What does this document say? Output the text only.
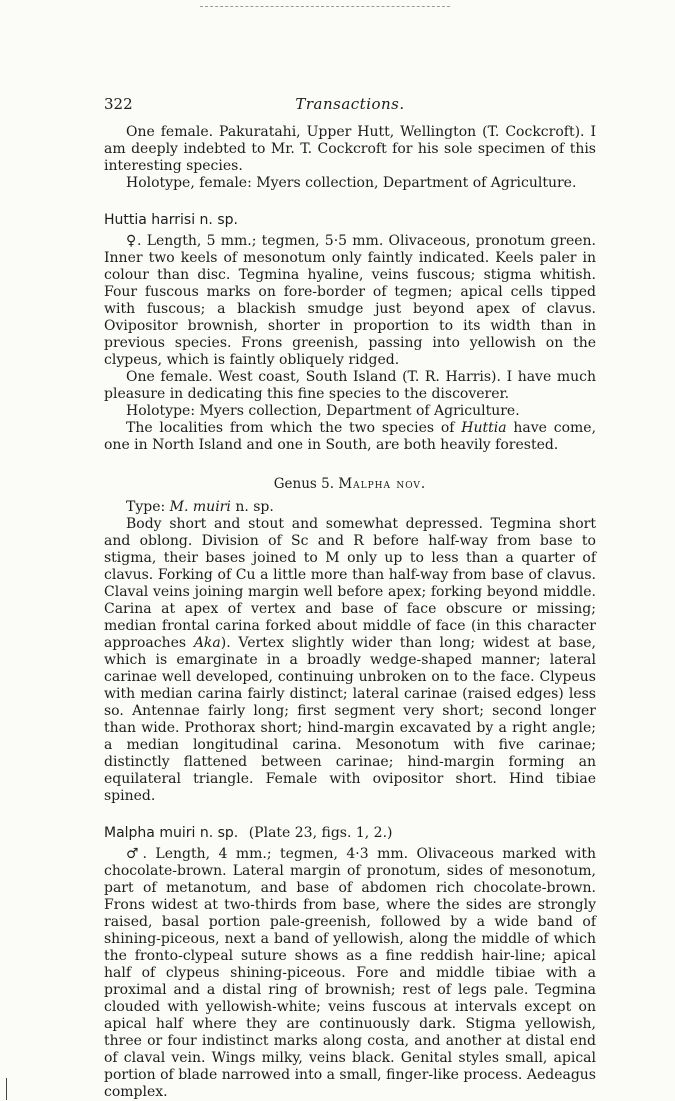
322	Transactions.

One female. Pakuratahi, Upper Hutt, Wellington (T. Cockcroft). I am deeply indebted to Mr. T. Cockcroft for his sole specimen of this interesting species.

Holotype, female: Myers collection, Department of Agriculture.

Huttia harrisi n. sp.

♀. Length, 5 mm.; tegmen, 5·5 mm. Olivaceous, pronotum green. Inner two keels of mesonotum only faintly indicated. Keels paler in colour than disc. Tegmina hyaline, veins fuscous; stigma whitish. Four fuscous marks on fore-border of tegmen; apical cells tipped with fuscous; a blackish smudge just beyond apex of clavus. Ovipositor brownish, shorter in proportion to its width than in previous species. Frons greenish, passing into yellowish on the clypeus, which is faintly obliquely ridged.

One female. West coast, South Island (T. R. Harris). I have much pleasure in dedicating this fine species to the discoverer.

Holotype: Myers collection, Department of Agriculture.

The localities from which the two species of Huttia have come, one in North Island and one in South, are both heavily forested.

Genus 5. Malpha nov.

Type: M. muiri n. sp.

Body short and stout and somewhat depressed. Tegmina short and oblong. Division of Sc and R before half-way from base to stigma, their bases joined to M only up to less than a quarter of clavus. Forking of Cu a little more than half-way from base of clavus. Claval veins joining margin well before apex; forking beyond middle. Carina at apex of vertex and base of face obscure or missing; median frontal carina forked about middle of face (in this character approaches Aka). Vertex slightly wider than long; widest at base, which is emarginate in a broadly wedge-shaped manner; lateral carinae well developed, continuing unbroken on to the face. Clypeus with median carina fairly distinct; lateral carinae (raised edges) less so. Antennae fairly long; first segment very short; second longer than wide. Prothorax short; hind-margin excavated by a right angle; a median longitudinal carina. Mesonotum with five carinae; distinctly flattened between carinae; hind-margin forming an equilateral triangle. Female with ovipositor short. Hind tibiae spined.

Malpha muiri n. sp. (Plate 23, figs. 1, 2.)

♂. Length, 4 mm.; tegmen, 4·3 mm. Olivaceous marked with chocolate-brown. Lateral margin of pronotum, sides of mesonotum, part of metanotum, and base of abdomen rich chocolate-brown. Frons widest at two-thirds from base, where the sides are strongly raised, basal portion pale-greenish, followed by a wide band of shining-piceous, next a band of yellowish, along the middle of which the fronto-clypeal suture shows as a fine reddish hair-line; apical half of clypeus shining-piceous. Fore and middle tibiae with a proximal and a distal ring of brownish; rest of legs pale. Tegmina clouded with yellowish-white; veins fuscous at intervals except on apical half where they are continuously dark. Stigma yellowish, three or four indistinct marks along costa, and another at distal end of claval vein. Wings milky, veins black. Genital styles small, apical portion of blade narrowed into a small, finger-like process. Aedeagus complex.
